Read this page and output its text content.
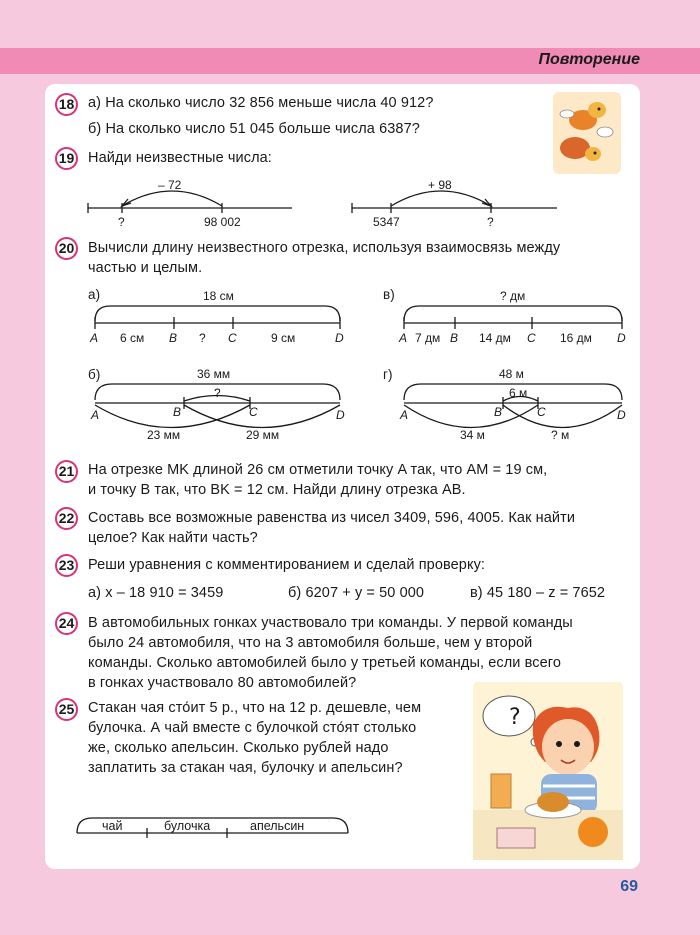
Повторение
18 а) На сколько число 32 856 меньше числа 40 912?
б) На сколько число 51 045 больше числа 6387?
19 Найди неизвестные числа:
– 72
?	98 002
+ 98
5347	?
20 Вычисли длину неизвестного отрезка, используя взаимосвязь между
частью и целым.
а)	18 см
A 6 см B ? C	9 см	D
в)	? дм
A 7 дм B 14 дм C 16 дм D
б)	36 мм
?
A	B	C	D
23 мм	29 мм
г)	48 м
6 м
A	B	C	D
34 м	? м
21 На отрезке MK длиной 26 см отметили точку A так, что AM = 19 см,
и точку B так, что BK = 12 см. Найди длину отрезка AB.
22 Составь все возможные равенства из чисел 3409, 596, 4005. Как найти
целое? Как найти часть?
23 Реши уравнения с комментированием и сделай проверку:
а) x – 18 910 = 3459	б) 6207 + y = 50 000	в) 45 180 – z = 7652
24 В автомобильных гонках участвовало три команды. У первой команды
было 24 автомобиля, что на 3 автомобиля больше, чем у второй
команды. Сколько автомобилей было у третьей команды, если всего
в гонках участвовало 80 автомобилей?
25 Стакан чая сто́ит 5 р., что на 12 р. дешевле, чем
булочка. А чай вместе с булочкой сто́ят столько
же, сколько апельсин. Сколько рублей надо
заплатить за стакан чая, булочку и апельсин?
чай	булочка	апельсин
?
69
